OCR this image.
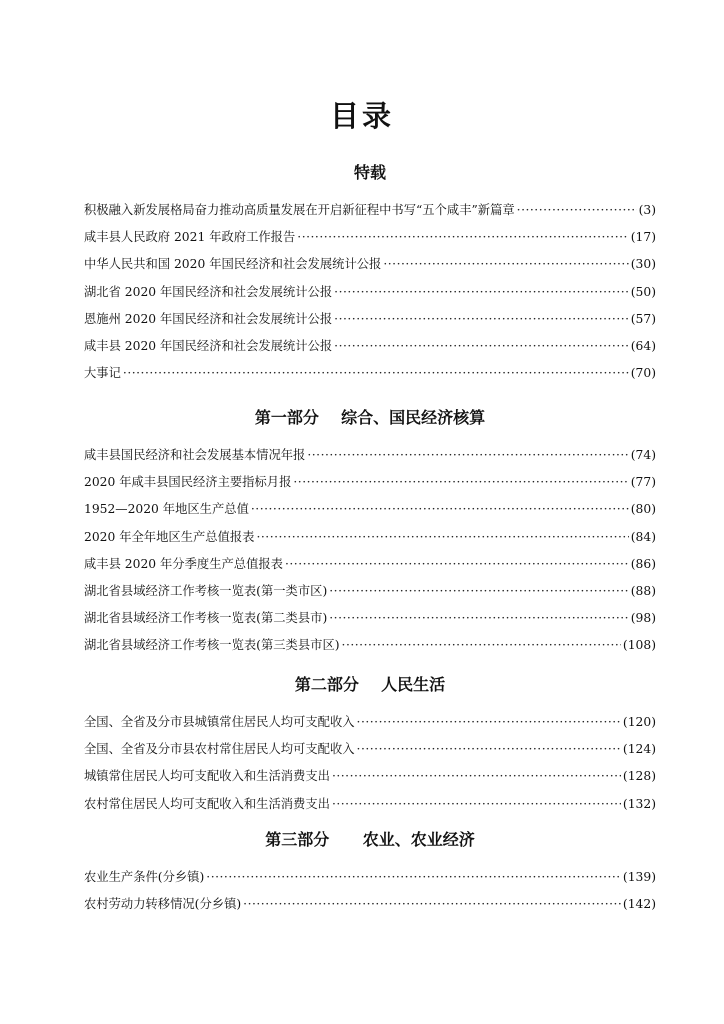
目录
特载
积极融入新发展格局奋力推动高质量发展在开启新征程中书写“五个咸丰”新篇章 ·····	(3)
咸丰县人民政府 2021 年政府工作报告 ·····	(17)
中华人民共和国 2020 年国民经济和社会发展统计公报 ·····	(30)
湖北省 2020 年国民经济和社会发展统计公报 ·····	(50)
恩施州 2020 年国民经济和社会发展统计公报 ·····	(57)
咸丰县 2020 年国民经济和社会发展统计公报 ·····	(64)
大事记 ·····	(70)
第一部分    综合、国民经济核算
咸丰县国民经济和社会发展基本情况年报 ·····	(74)
2020 年咸丰县国民经济主要指标月报 ·····	(77)
1952—2020 年地区生产总值 ·····	(80)
2020 年全年地区生产总值报表 ·····	(84)
咸丰县 2020 年分季度生产总值报表 ·····	(86)
湖北省县域经济工作考核一览表(第一类市区) ·····	(88)
湖北省县域经济工作考核一览表(第二类县市) ·····	(98)
湖北省县域经济工作考核一览表(第三类县市区) ·····	(108)
第二部分    人民生活
全国、全省及分市县城镇常住居民人均可支配收入 ·····	(120)
全国、全省及分市县农村常住居民人均可支配收入 ·····	(124)
城镇常住居民人均可支配收入和生活消费支出 ·····	(128)
农村常住居民人均可支配收入和生活消费支出 ·····	(132)
第三部分      农业、农业经济
农业生产条件(分乡镇) ·····	(139)
农村劳动力转移情况(分乡镇) ·····	(142)
